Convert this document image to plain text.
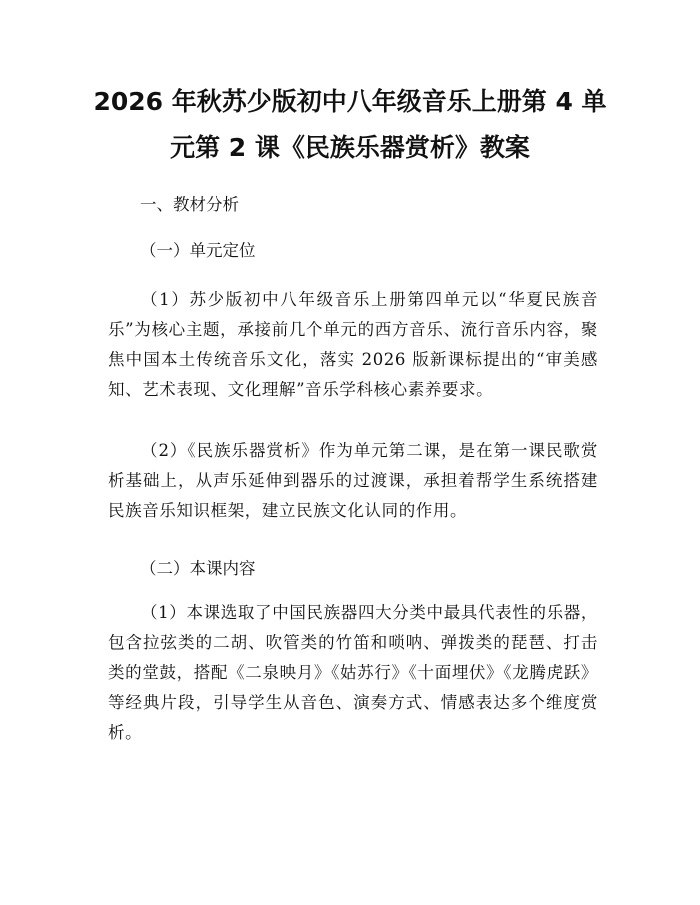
2026 年秋苏少版初中八年级音乐上册第 4 单
元第 2 课《民族乐器赏析》教案

一、教材分析

（一）单元定位

（1）苏少版初中八年级音乐上册第四单元以“华夏民族音乐”为核心主题，承接前几个单元的西方音乐、流行音乐内容，聚焦中国本土传统音乐文化，落实 2026 版新课标提出的“审美感知、艺术表现、文化理解”音乐学科核心素养要求。

（2）《民族乐器赏析》作为单元第二课，是在第一课民歌赏析基础上，从声乐延伸到器乐的过渡课，承担着帮学生系统搭建民族音乐知识框架，建立民族文化认同的作用。

（二）本课内容

（1）本课选取了中国民族器四大分类中最具代表性的乐器，包含拉弦类的二胡、吹管类的竹笛和唢呐、弹拨类的琵琶、打击类的堂鼓，搭配《二泉映月》《姑苏行》《十面埋伏》《龙腾虎跃》等经典片段，引导学生从音色、演奏方式、情感表达多个维度赏析。
